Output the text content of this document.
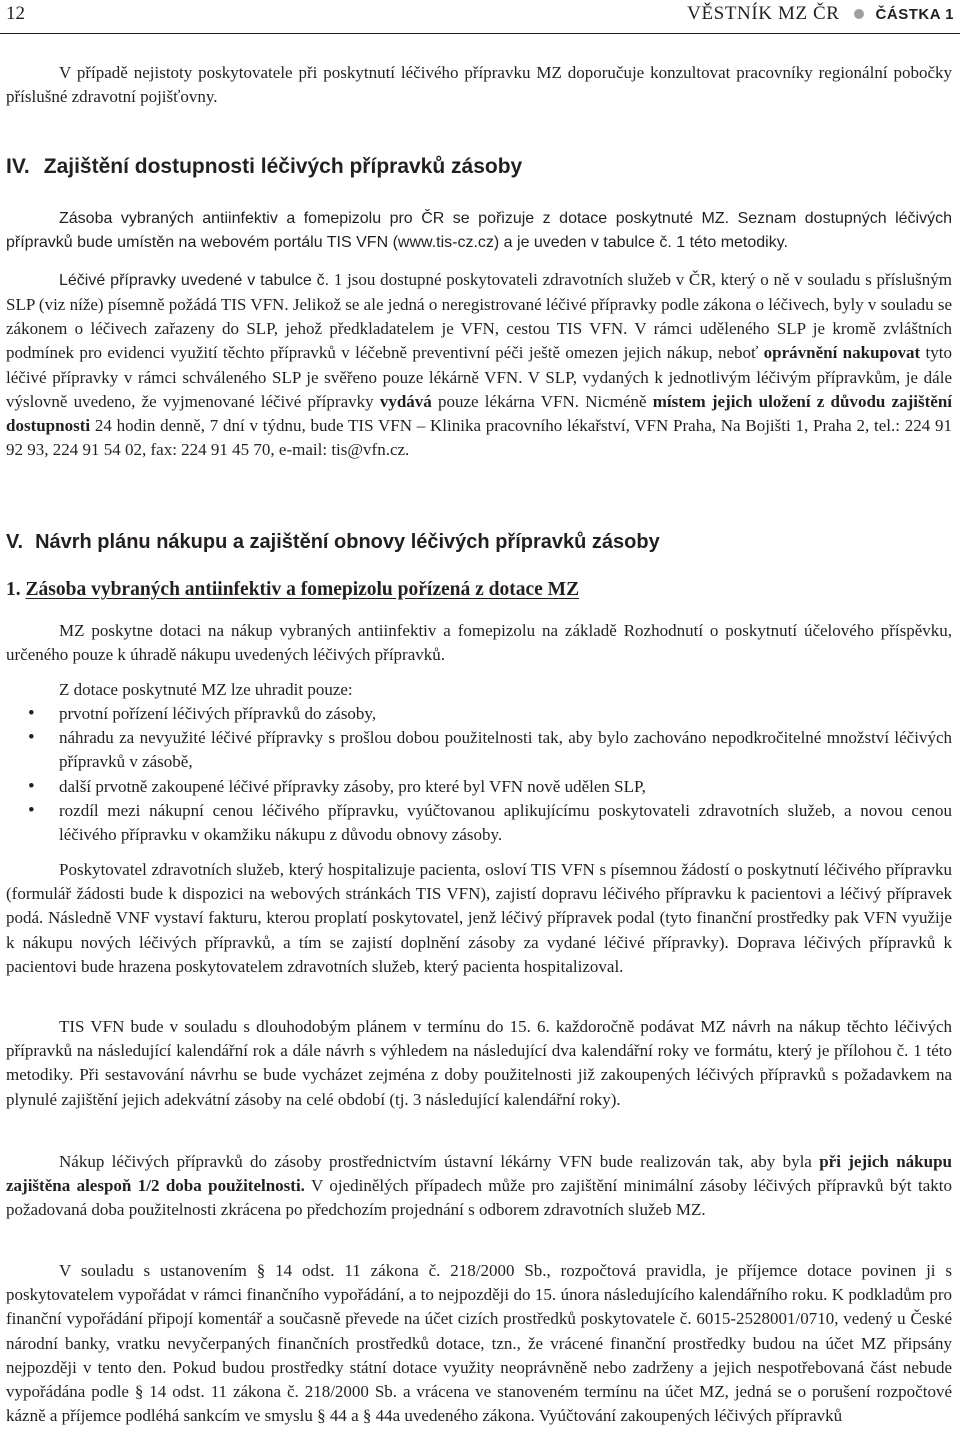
12	VĚSTNÍK MZ ČR ČÁSTKA 1

V případě nejistoty poskytovatele při poskytnutí léčivého přípravku MZ doporučuje konzultovat pracovníky regionální pobočky příslušné zdravotní pojišťovny.

IV. Zajištění dostupnosti léčivých přípravků zásoby

Zásoba vybraných antiinfektiv a fomepizolu pro ČR se pořizuje z dotace poskytnuté MZ. Seznam dostupných léčivých přípravků bude umístěn na webovém portálu TIS VFN (www.tis-cz.cz) a je uveden v tabulce č. 1 této metodiky.

Léčivé přípravky uvedené v tabulce č. 1 jsou dostupné poskytovateli zdravotních služeb v ČR, který o ně v souladu s příslušným SLP (viz níže) písemně požádá TIS VFN. Jelikož se ale jedná o neregistrované léčivé přípravky podle zákona o léčivech, byly v souladu se zákonem o léčivech zařazeny do SLP, jehož předkladatelem je VFN, cestou TIS VFN. V rámci uděleného SLP je kromě zvláštních podmínek pro evidenci využití těchto přípravků v léčebně preventivní péči ještě omezen jejich nákup, neboť oprávnění nakupovat tyto léčivé přípravky v rámci schváleného SLP je svěřeno pouze lékárně VFN. V SLP, vydaných k jednotlivým léčivým přípravkům, je dále výslovně uvedeno, že vyjmenované léčivé přípravky vydává pouze lékárna VFN. Nicméně místem jejich uložení z důvodu zajištění dostupnosti 24 hodin denně, 7 dní v týdnu, bude TIS VFN – Klinika pracovního lékařství, VFN Praha, Na Bojišti 1, Praha 2, tel.: 224 91 92 93, 224 91 54 02, fax: 224 91 45 70, e-mail: tis@vfn.cz.

V. Návrh plánu nákupu a zajištění obnovy léčivých přípravků zásoby
1. Zásoba vybraných antiinfektiv a fomepizolu pořízená z dotace MZ

MZ poskytne dotaci na nákup vybraných antiinfektiv a fomepizolu na základě Rozhodnutí o poskytnutí účelového příspěvku, určeného pouze k úhradě nákupu uvedených léčivých přípravků.

Z dotace poskytnuté MZ lze uhradit pouze:

• prvotní pořízení léčivých přípravků do zásoby,
• náhradu za nevyužité léčivé přípravky s prošlou dobou použitelnosti tak, aby bylo zachováno nepodkročitelné množství léčivých přípravků v zásobě,
• další prvotně zakoupené léčivé přípravky zásoby, pro které byl VFN nově udělen SLP,
• rozdíl mezi nákupní cenou léčivého přípravku, vyúčtovanou aplikujícímu poskytovateli zdravotních služeb, a novou cenou léčivého přípravku v okamžiku nákupu z důvodu obnovy zásoby.

Poskytovatel zdravotních služeb, který hospitalizuje pacienta, osloví TIS VFN s písemnou žádostí o poskytnutí léčivého přípravku (formulář žádosti bude k dispozici na webových stránkách TIS VFN), zajistí dopravu léčivého přípravku k pacientovi a léčivý přípravek podá. Následně VNF vystaví fakturu, kterou proplatí poskytovatel, jenž léčivý přípravek podal (tyto finanční prostředky pak VFN využije k nákupu nových léčivých přípravků, a tím se zajistí doplnění zásoby za vydané léčivé přípravky). Doprava léčivých přípravků k pacientovi bude hrazena poskytovatelem zdravotních služeb, který pacienta hospitalizoval.

TIS VFN bude v souladu s dlouhodobým plánem v termínu do 15. 6. každoročně podávat MZ návrh na nákup těchto léčivých přípravků na následující kalendářní rok a dále návrh s výhledem na následující dva kalendářní roky ve formátu, který je přílohou č. 1 této metodiky. Při sestavování návrhu se bude vycházet zejména z doby použitelnosti již zakoupených léčivých přípravků s požadavkem na plynulé zajištění jejich adekvátní zásoby na celé období (tj. 3 následující kalendářní roky).

Nákup léčivých přípravků do zásoby prostřednictvím ústavní lékárny VFN bude realizován tak, aby byla při jejich nákupu zajištěna alespoň 1/2 doba použitelnosti. V ojedinělých případech může pro zajištění minimální zásoby léčivých přípravků být takto požadovaná doba použitelnosti zkrácena po předchozím projednání s odborem zdravotních služeb MZ.

V souladu s ustanovením § 14 odst. 11 zákona č. 218/2000 Sb., rozpočtová pravidla, je příjemce dotace povinen ji s poskytovatelem vypořádat v rámci finančního vypořádání, a to nejpozději do 15. února následujícího kalendářního roku. K podkladům pro finanční vypořádání připojí komentář a současně převede na účet cizích prostředků poskytovatele č. 6015-2528001/0710, vedený u České národní banky, vratku nevyčerpaných finančních prostředků dotace, tzn., že vrácené finanční prostředky budou na účet MZ připsány nejpozději v tento den. Pokud budou prostředky státní dotace využity neoprávněně nebo zadrženy a jejich nespotřebovaná část nebude vypořádána podle § 14 odst. 11 zákona č. 218/2000 Sb. a vrácena ve stanoveném termínu na účet MZ, jedná se o porušení rozpočtové kázně a příjemce podléhá sankcím ve smyslu § 44 a § 44a uvedeného zákona. Vyúčtování zakoupených léčivých přípravků
